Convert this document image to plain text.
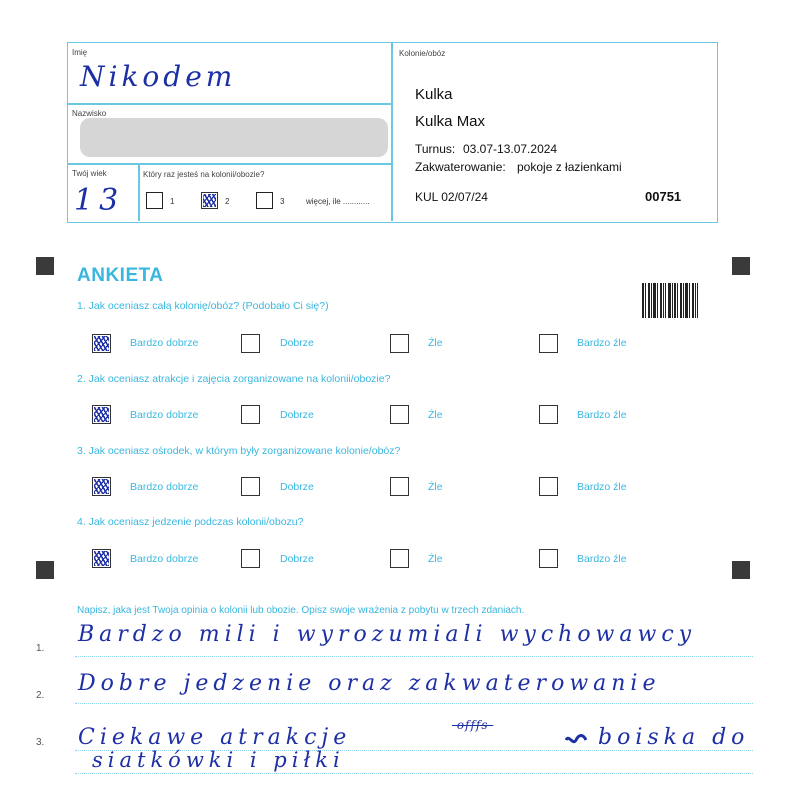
Imię
Nikodem
Nazwisko
Twój wiek
13
Który raz jesteś na kolonii/obozie?
1	2	3	więcej, ile ............
Kolonie/obóz
Kulka
Kulka Max
Turnus: 03.07-13.07.2024
Zakwaterowanie: pokoje z łazienkami
KUL 02/07/24	00751
ANKIETA
1. Jak oceniasz całą kolonię/obóz? (Podobało Ci się?)
Bardzo dobrze	Dobrze	Źle	Bardzo źle
2. Jak oceniasz atrakcje i zajęcia zorganizowane na kolonii/obozie?
Bardzo dobrze	Dobrze	Źle	Bardzo źle
3. Jak oceniasz ośrodek, w którym były zorganizowane kolonie/obóz?
Bardzo dobrze	Dobrze	Źle	Bardzo źle
4. Jak oceniasz jedzenie podczas kolonii/obozu?
Bardzo dobrze	Dobrze	Źle	Bardzo źle
Napisz, jaka jest Twoja opinia o kolonii lub obozie. Opisz swoje wrażenia z pobytu w trzech zdaniach.
1.
2.
3.
Bardzo mili i wyrozumiali wychowawcy
Dobre jedzenie oraz zakwaterowanie
Ciekawe atrakcje	offfs	boiska do
siatkówki i piłki
